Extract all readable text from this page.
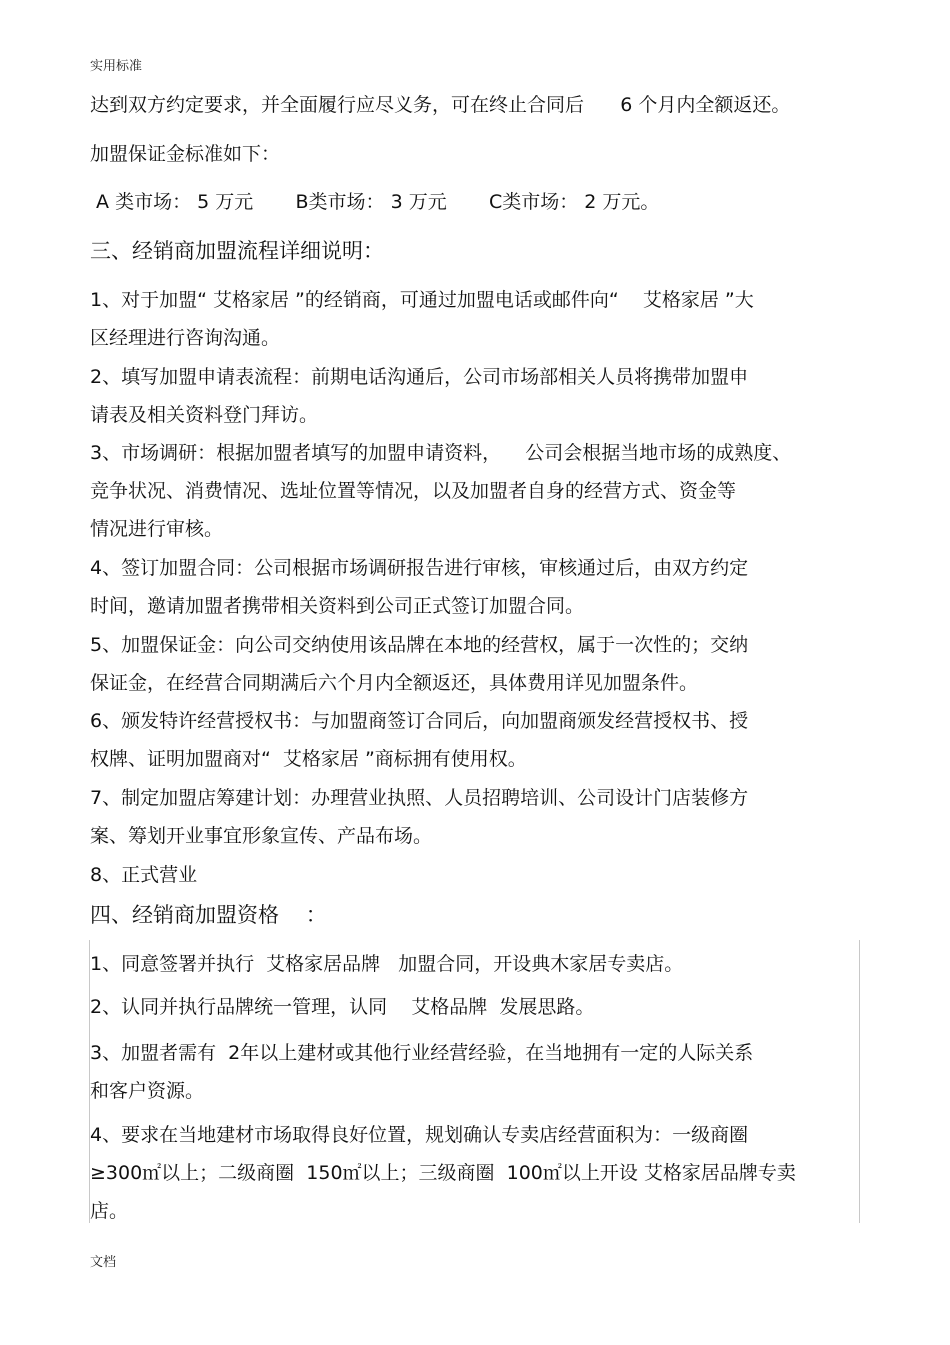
实用标准
达到双方约定要求，并全面履行应尽义务，可在终止合同后      6 个月内全额返还。
加盟保证金标准如下：
A 类市场： 5 万元       B类市场： 3 万元       C类市场： 2 万元。
三、经销商加盟流程详细说明：
1、对于加盟“ 艾格家居 ”的经销商，可通过加盟电话或邮件向“    艾格家居 ”大
区经理进行咨询沟通。
2、填写加盟申请表流程：前期电话沟通后，公司市场部相关人员将携带加盟申
请表及相关资料登门拜访。
3、市场调研：根据加盟者填写的加盟申请资料，    公司会根据当地市场的成熟度、
竞争状况、消费情况、选址位置等情况，以及加盟者自身的经营方式、资金等
情况进行审核。
4、签订加盟合同：公司根据市场调研报告进行审核，审核通过后，由双方约定
时间，邀请加盟者携带相关资料到公司正式签订加盟合同。
5、加盟保证金：向公司交纳使用该品牌在本地的经营权，属于一次性的；交纳
保证金，在经营合同期满后六个月内全额返还，具体费用详见加盟条件。
6、颁发特许经营授权书：与加盟商签订合同后，向加盟商颁发经营授权书、授
权牌、证明加盟商对“  艾格家居 ”商标拥有使用权。
7、制定加盟店筹建计划：办理营业执照、人员招聘培训、公司设计门店装修方
案、筹划开业事宜形象宣传、产品布场。
8、正式营业
四、经销商加盟资格    ：
1、同意签署并执行  艾格家居品牌   加盟合同，开设典木家居专卖店。
2、认同并执行品牌统一管理，认同    艾格品牌  发展思路。
3、加盟者需有  2年以上建材或其他行业经营经验，在当地拥有一定的人际关系
和客户资源。
4、要求在当地建材市场取得良好位置，规划确认专卖店经营面积为：一级商圈
≥300㎡以上；二级商圈  150㎡以上；三级商圈  100㎡以上开设 艾格家居品牌专卖
店。
文档
